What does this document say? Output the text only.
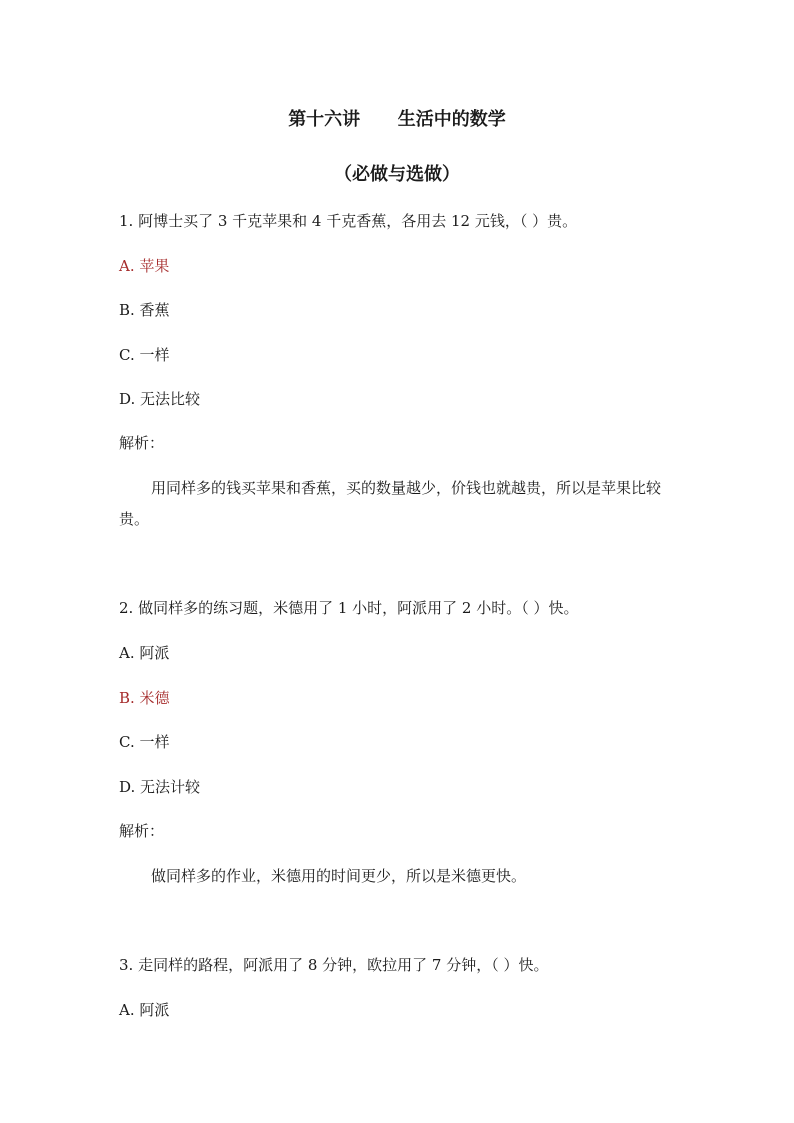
第十六讲      生活中的数学
（必做与选做）
1. 阿博士买了 3 千克苹果和 4 千克香蕉，各用去 12 元钱，（ ）贵。
A. 苹果
B. 香蕉
C. 一样
D. 无法比较
解析：
用同样多的钱买苹果和香蕉，买的数量越少，价钱也就越贵，所以是苹果比较贵。
2. 做同样多的练习题，米德用了 1 小时，阿派用了 2 小时。（ ）快。
A. 阿派
B. 米德
C. 一样
D. 无法计较
解析：
做同样多的作业，米德用的时间更少，所以是米德更快。
3. 走同样的路程，阿派用了 8 分钟，欧拉用了 7 分钟，（ ）快。
A. 阿派
